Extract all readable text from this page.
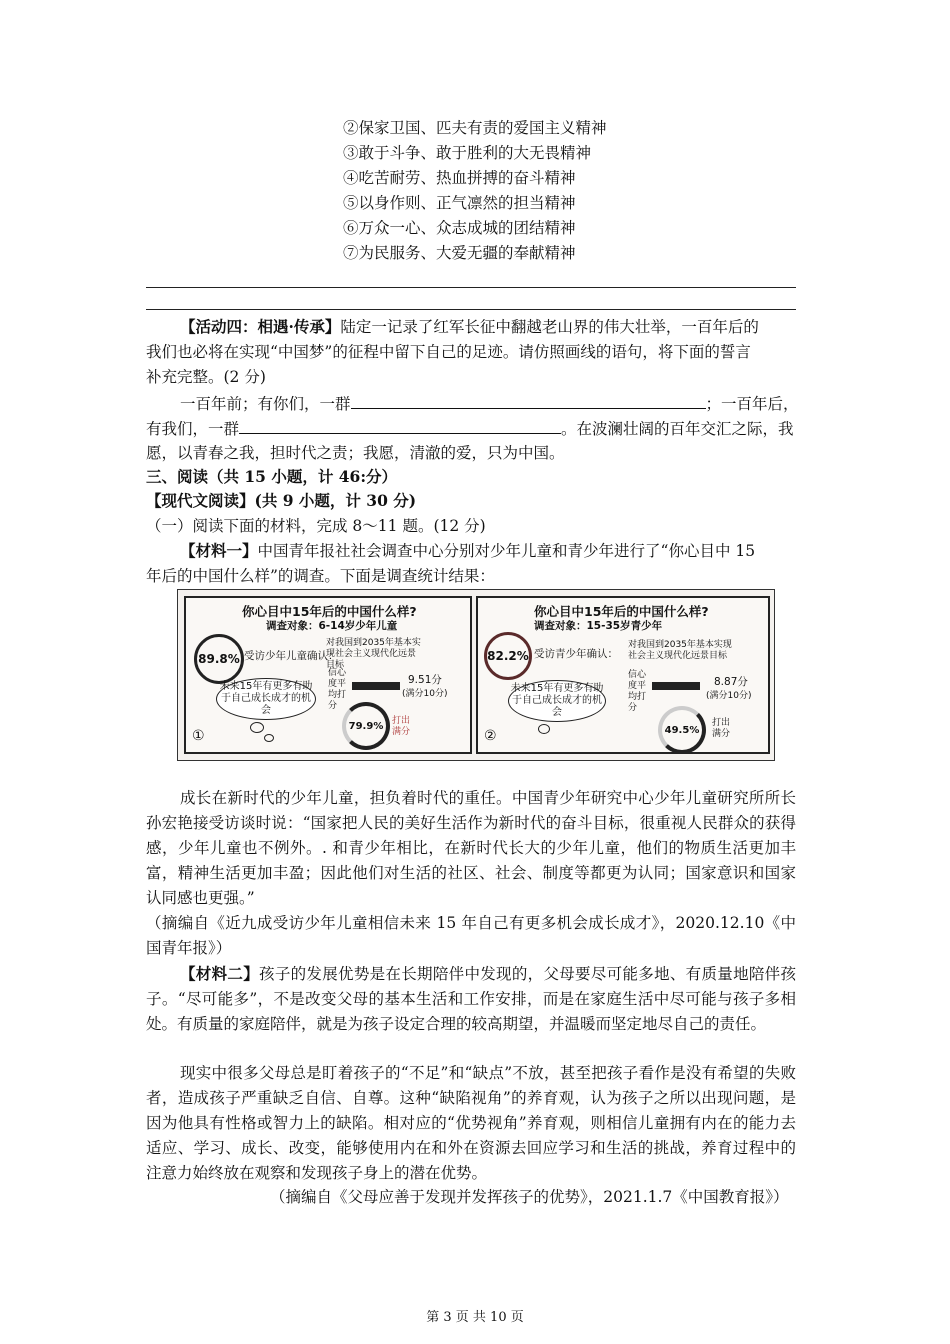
②保家卫国、匹夫有责的爱国主义精神
③敢于斗争、敢于胜利的大无畏精神
④吃苦耐劳、热血拼搏的奋斗精神
⑤以身作则、正气凛然的担当精神
⑥万众一心、众志成城的团结精神
⑦为民服务、大爱无疆的奉献精神
【活动四：相遇·传承】陆定一记录了红军长征中翻越老山界的伟大壮举，一百年后的
我们也必将在实现“中国梦”的征程中留下自己的足迹。请仿照画线的语句，将下面的誓言
补充完整。(2 分)
一百年前；有你们，一群	；一百年后，
有我们，一群	。在波澜壮阔的百年交汇之际，我
愿，以青春之我，担时代之责；我愿，清澈的爱，只为中国。
三、阅读（共 15 小题，计 46:分）
【现代文阅读】(共 9 小题，计 30 分)
（一）阅读下面的材料，完成 8～11 题。(12 分)
【材料一】中国青年报社社会调查中心分别对少年儿童和青少年进行了“你心目中 15
年后的中国什么样”的调查。下面是调查统计结果：
你心目中15年后的中国什么样?
调查对象：6-14岁少年儿童
89.8% 受访少年儿童确认：
对我国到2035年基本实现社会主义现代化远景目标
信心度平均打分
9.51分
(满分10分)
未来15年有更多有助于自己成长成才的机会
79.9% 打出满分
①
你心目中15年后的中国什么样?
调查对象：15-35岁青少年
82.2% 受访青少年确认：
对我国到2035年基本实现社会主义现代化远景目标
信心度平均打分
8.87分
(满分10分)
未来15年有更多有助于自己成长成才的机会
49.5%
打出满分
②
成长在新时代的少年儿童，担负着时代的重任。中国青少年研究中心少年儿童研究所所长孙宏艳接受访谈时说：“国家把人民的美好生活作为新时代的奋斗目标，很重视人民群众的获得感，少年儿童也不例外。. 和青少年相比，在新时代长大的少年儿童，他们的物质生活更加丰富，精神生活更加丰盈；因此他们对生活的社区、社会、制度等都更为认同；国家意识和国家认同感也更强。”
（摘编自《近九成受访少年儿童相信未来 15 年自己有更多机会成长成才》，2020.12.10《中国青年报》）
【材料二】孩子的发展优势是在长期陪伴中发现的，父母要尽可能多地、有质量地陪伴孩子。“尽可能多”，不是改变父母的基本生活和工作安排，而是在家庭生活中尽可能与孩子多相处。有质量的家庭陪伴，就是为孩子设定合理的较高期望，并温暖而坚定地尽自己的责任。
现实中很多父母总是盯着孩子的“不足”和“缺点”不放，甚至把孩子看作是没有希望的失败者，造成孩子严重缺乏自信、自尊。这种“缺陷视角”的养育观，认为孩子之所以出现问题，是因为他具有性格或智力上的缺陷。相对应的“优势视角”养育观，则相信儿童拥有内在的能力去适应、学习、成长、改变，能够使用内在和外在资源去回应学习和生活的挑战，养育过程中的注意力始终放在观察和发现孩子身上的潜在优势。
（摘编自《父母应善于发现并发挥孩子的优势》，2021.1.7《中国教育报》）
第 3 页 共 10 页
